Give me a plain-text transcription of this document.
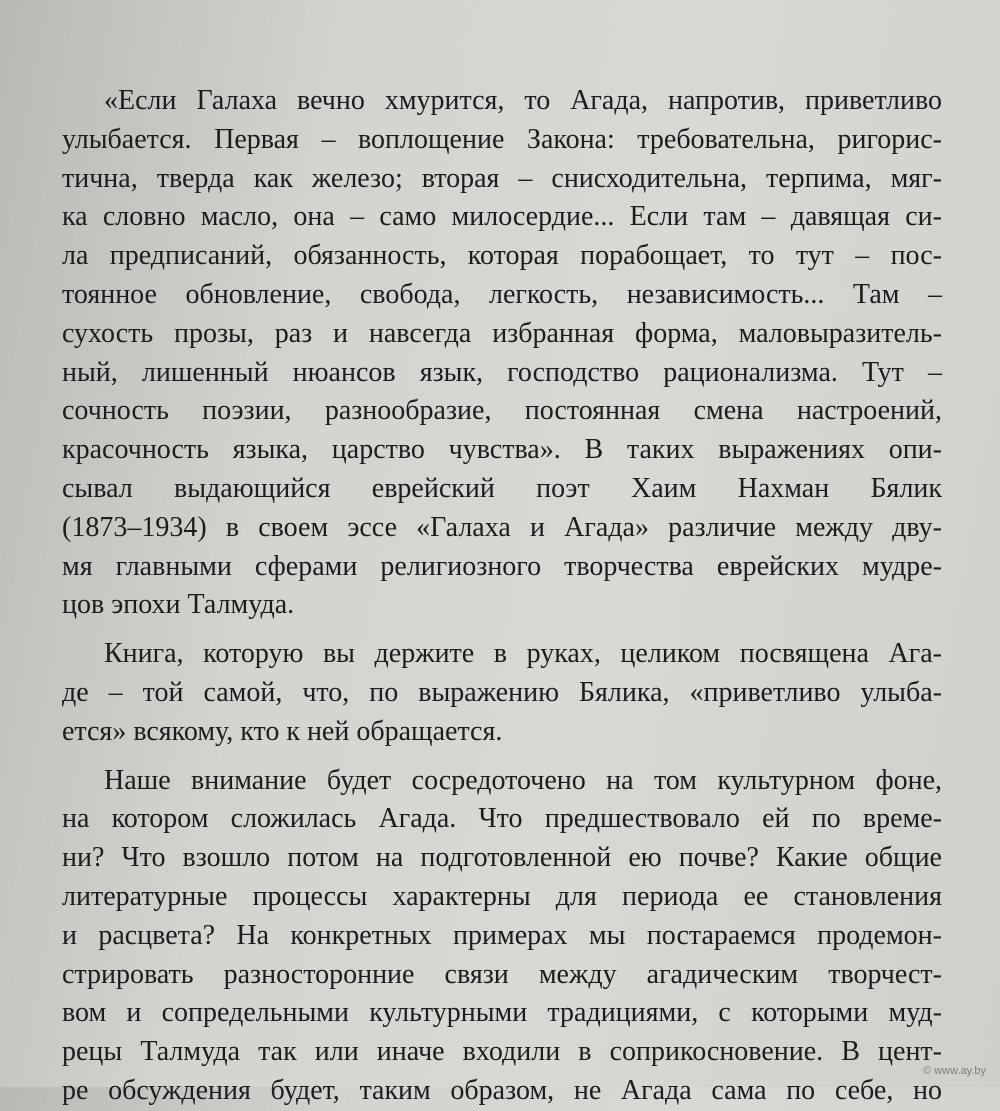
«Если Галаха вечно хмурится, то Агада, напротив, приветливо
улыбается. Первая – воплощение Закона: требовательна, ригорис-
тична, тверда как железо; вторая – снисходительна, терпима, мяг-
ка словно масло, она – само милосердие... Если там – давящая си-
ла предписаний, обязанность, которая порабощает, то тут – пос-
тоянное обновление, свобода, легкость, независимость... Там –
сухость прозы, раз и навсегда избранная форма, маловыразитель-
ный, лишенный нюансов язык, господство рационализма. Тут –
сочность поэзии, разнообразие, постоянная смена настроений,
красочность языка, царство чувства». В таких выражениях опи-
сывал выдающийся еврейский поэт Хаим Нахман Бялик
(1873–1934) в своем эссе «Галаха и Агада» различие между дву-
мя главными сферами религиозного творчества еврейских мудре-
цов эпохи Талмуда.
Книга, которую вы держите в руках, целиком посвящена Ага-
де – той самой, что, по выражению Бялика, «приветливо улыба-
ется» всякому, кто к ней обращается.
Наше внимание будет сосредоточено на том культурном фоне,
на котором сложилась Агада. Что предшествовало ей по време-
ни? Что взошло потом на подготовленной ею почве? Какие общие
литературные процессы характерны для периода ее становления
и расцвета? На конкретных примерах мы постараемся продемон-
стрировать разносторонние связи между агадическим творчест-
вом и сопредельными культурными традициями, с которыми муд-
рецы Талмуда так или иначе входили в соприкосновение. В цент-
ре обсуждения будет, таким образом, не Агада сама по себе, но
© www.ay.by
